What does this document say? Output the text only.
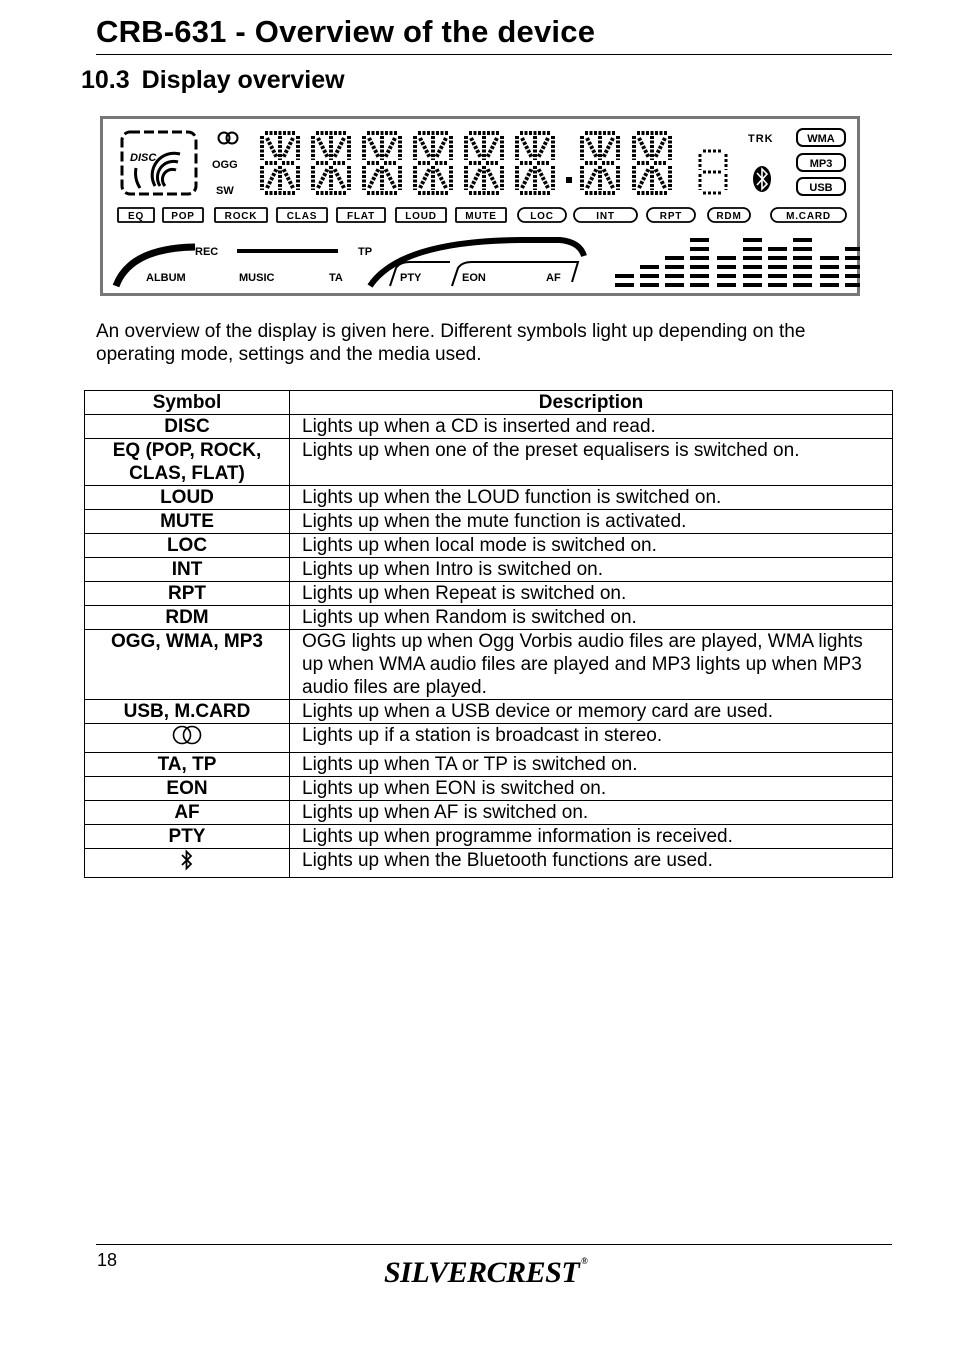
CRB-631 - Overview of the device
10.3 Display overview
DISC
OGG
SW
TRK	WMA
MP3
USB
EQ	POP	ROCK	CLAS	FLAT	LOUD	MUTE	LOC	INT	RPT	RDM	M.CARD
REC	TP
ALBUM	MUSIC	TA	PTY	EON	AF
An overview of the display is given here. Different symbols light up depending on the operating mode, settings and the media used.
Symbol	Description
DISC	Lights up when a CD is inserted and read.
EQ (POP, ROCK, CLAS, FLAT)	Lights up when one of the preset equalisers is switched on.
LOUD	Lights up when the LOUD function is switched on.
MUTE	Lights up when the mute function is activated.
LOC	Lights up when local mode is switched on.
INT	Lights up when Intro is switched on.
RPT	Lights up when Repeat is switched on.
RDM	Lights up when Random is switched on.
OGG, WMA, MP3	OGG lights up when Ogg Vorbis audio files are played, WMA lights up when WMA audio files are played and MP3 lights up when MP3 audio files are played.
USB, M.CARD	Lights up when a USB device or memory card are used.
	Lights up if a station is broadcast in stereo.
TA, TP	Lights up when TA or TP is switched on.
EON	Lights up when EON is switched on.
AF	Lights up when AF is switched on.
PTY	Lights up when programme information is received.
	Lights up when the Bluetooth functions are used.
18	SILVERCREST ®
